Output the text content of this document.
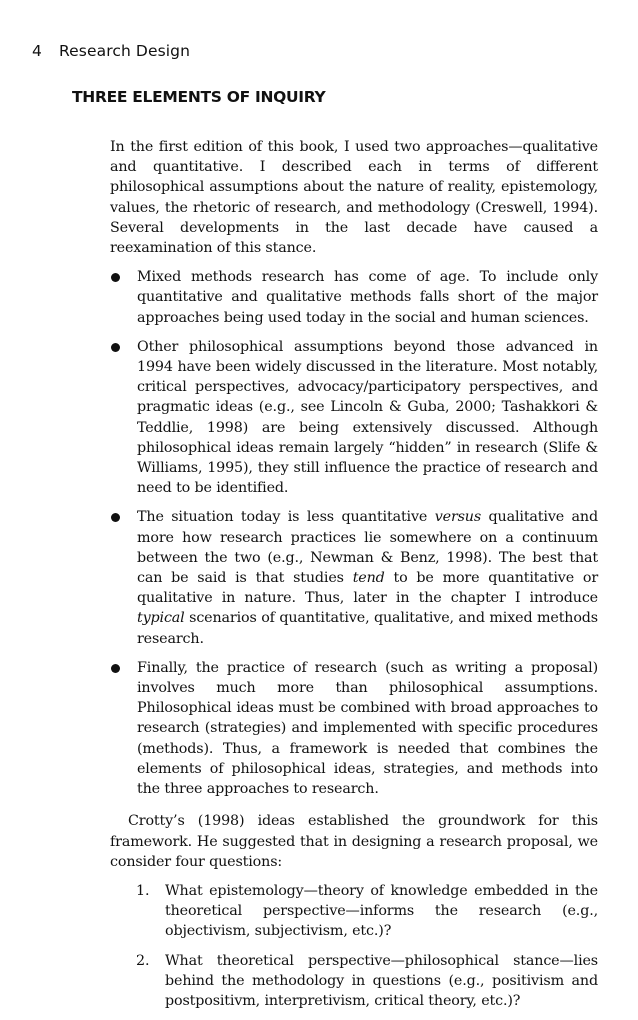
4 Research Design
THREE ELEMENTS OF INQUIRY

In the first edition of this book, I used two approaches—qualitative and quantitative. I described each in terms of different philosophical assumptions about the nature of reality, epistemology, values, the rhetoric of research, and methodology (Creswell, 1994). Several developments in the last decade have caused a reexamination of this stance.

Mixed methods research has come of age. To include only quantitative and qualitative methods falls short of the major approaches being used today in the social and human sciences.
Other philosophical assumptions beyond those advanced in 1994 have been widely discussed in the literature. Most notably, critical perspectives, advocacy/participatory perspectives, and pragmatic ideas (e.g., see Lincoln & Guba, 2000; Tashakkori & Teddlie, 1998) are being extensively discussed. Although philosophical ideas remain largely “hidden” in research (Slife & Williams, 1995), they still influence the practice of research and need to be identified.
The situation today is less quantitative versus qualitative and more how research practices lie somewhere on a continuum between the two (e.g., Newman & Benz, 1998). The best that can be said is that studies tend to be more quantitative or qualitative in nature. Thus, later in the chapter I introduce typical scenarios of quantitative, qualitative, and mixed methods research.
Finally, the practice of research (such as writing a proposal) involves much more than philosophical assumptions. Philosophical ideas must be combined with broad approaches to research (strategies) and implemented with specific procedures (methods). Thus, a framework is needed that combines the elements of philosophical ideas, strategies, and methods into the three approaches to research.

Crotty’s (1998) ideas established the groundwork for this framework. He suggested that in designing a research proposal, we consider four questions:

1. What epistemology—theory of knowledge embedded in the theoretical perspective—informs the research (e.g., objectivism, subjectivism, etc.)?
2. What theoretical perspective—philosophical stance—lies behind the methodology in questions (e.g., positivism and postpositivm, interpretivism, critical theory, etc.)?
